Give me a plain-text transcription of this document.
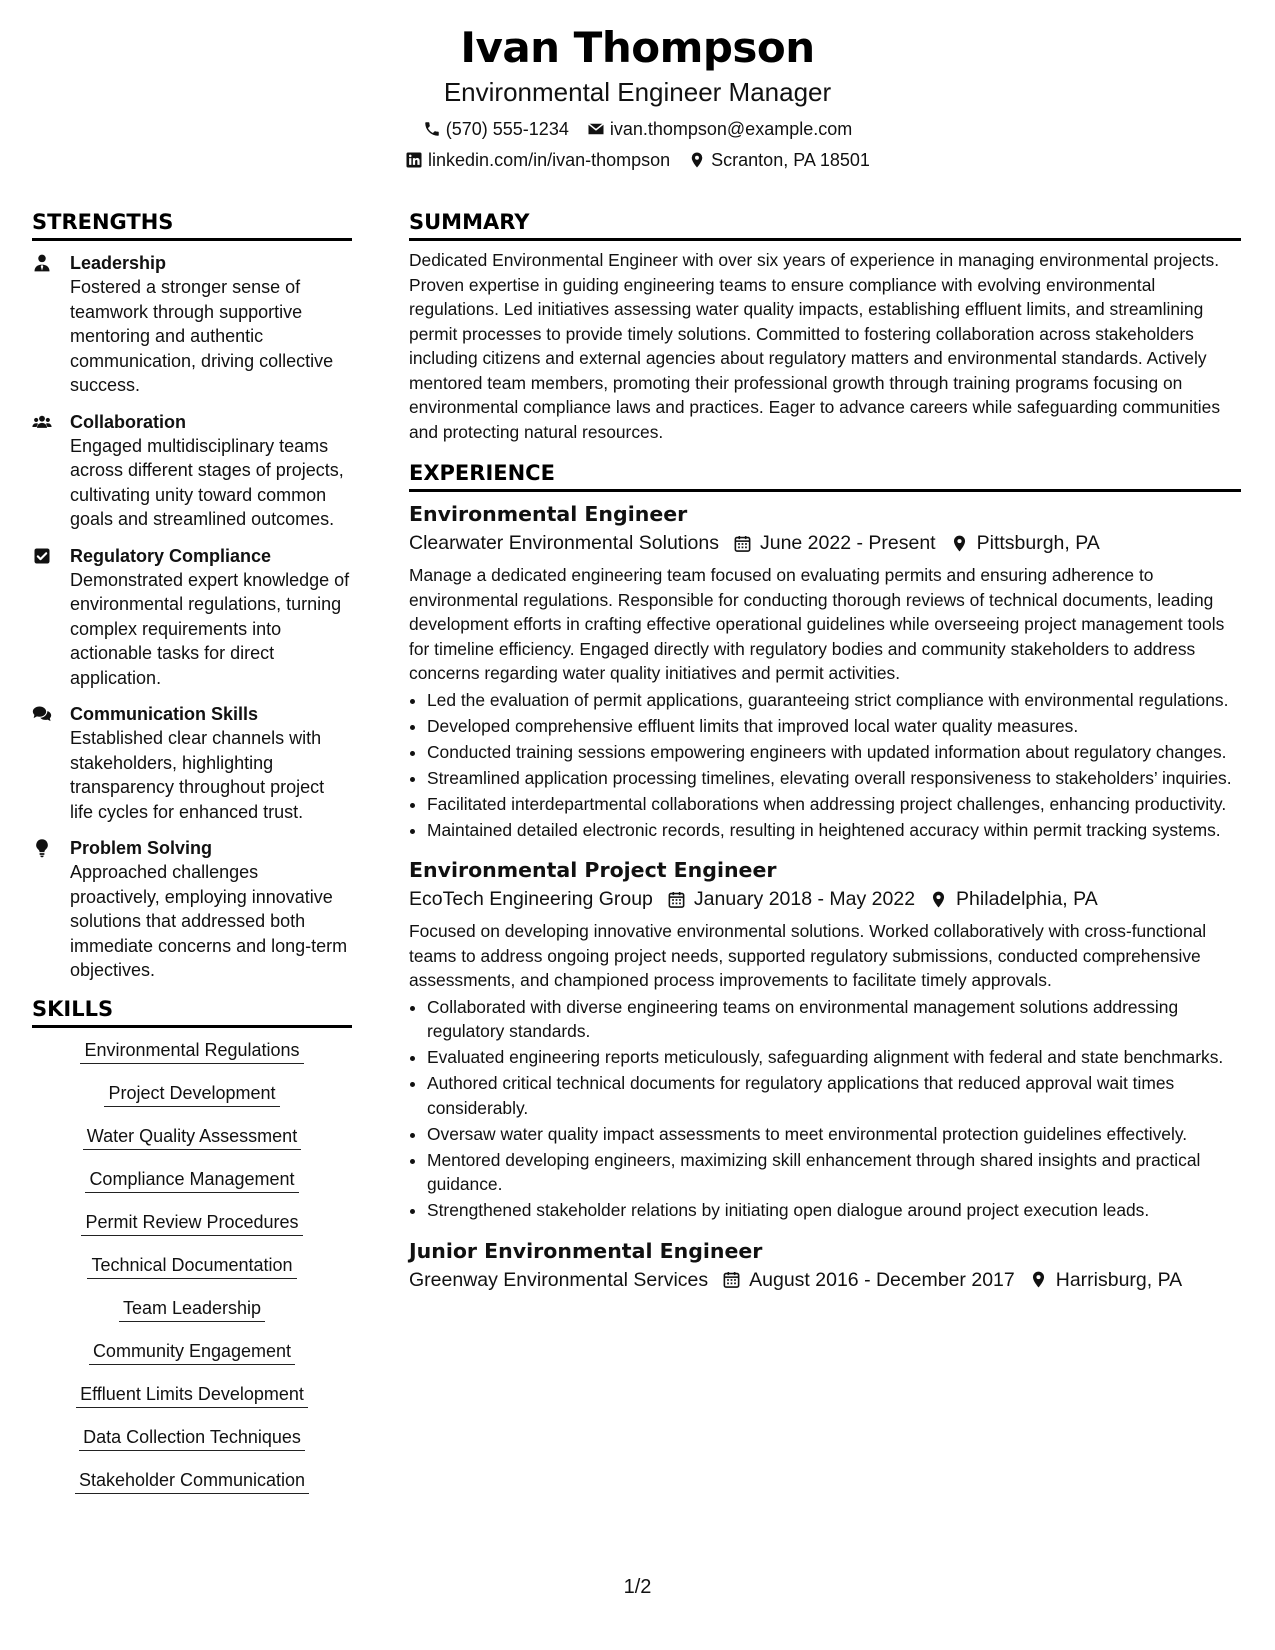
Ivan Thompson
Environmental Engineer Manager
(570) 555-1234 ivan.thompson@example.com
linkedin.com/in/ivan-thompson Scranton, PA 18501
STRENGTHS
Leadership
Fostered a stronger sense of teamwork through supportive mentoring and authentic communication, driving collective success.
Collaboration
Engaged multidisciplinary teams across different stages of projects, cultivating unity toward common goals and streamlined outcomes.
Regulatory Compliance
Demonstrated expert knowledge of environmental regulations, turning complex requirements into actionable tasks for direct application.
Communication Skills
Established clear channels with stakeholders, highlighting transparency throughout project life cycles for enhanced trust.
Problem Solving
Approached challenges proactively, employing innovative solutions that addressed both immediate concerns and long-term objectives.
SKILLS
Environmental Regulations
Project Development
Water Quality Assessment
Compliance Management
Permit Review Procedures
Technical Documentation
Team Leadership
Community Engagement
Effluent Limits Development
Data Collection Techniques
Stakeholder Communication
SUMMARY
Dedicated Environmental Engineer with over six years of experience in managing environmental projects. Proven expertise in guiding engineering teams to ensure compliance with evolving environmental regulations. Led initiatives assessing water quality impacts, establishing effluent limits, and streamlining permit processes to provide timely solutions. Committed to fostering collaboration across stakeholders including citizens and external agencies about regulatory matters and environmental standards. Actively mentored team members, promoting their professional growth through training programs focusing on environmental compliance laws and practices. Eager to advance careers while safeguarding communities and protecting natural resources.
EXPERIENCE
Environmental Engineer
Clearwater Environmental Solutions June 2022 - Present Pittsburgh, PA
Manage a dedicated engineering team focused on evaluating permits and ensuring adherence to environmental regulations. Responsible for conducting thorough reviews of technical documents, leading development efforts in crafting effective operational guidelines while overseeing project management tools for timeline efficiency. Engaged directly with regulatory bodies and community stakeholders to address concerns regarding water quality initiatives and permit activities.
• Led the evaluation of permit applications, guaranteeing strict compliance with environmental regulations.
• Developed comprehensive effluent limits that improved local water quality measures.
• Conducted training sessions empowering engineers with updated information about regulatory changes.
• Streamlined application processing timelines, elevating overall responsiveness to stakeholders’ inquiries.
• Facilitated interdepartmental collaborations when addressing project challenges, enhancing productivity.
• Maintained detailed electronic records, resulting in heightened accuracy within permit tracking systems.
Environmental Project Engineer
EcoTech Engineering Group January 2018 - May 2022 Philadelphia, PA
Focused on developing innovative environmental solutions. Worked collaboratively with cross-functional teams to address ongoing project needs, supported regulatory submissions, conducted comprehensive assessments, and championed process improvements to facilitate timely approvals.
• Collaborated with diverse engineering teams on environmental management solutions addressing regulatory standards.
• Evaluated engineering reports meticulously, safeguarding alignment with federal and state benchmarks.
• Authored critical technical documents for regulatory applications that reduced approval wait times considerably.
• Oversaw water quality impact assessments to meet environmental protection guidelines effectively.
• Mentored developing engineers, maximizing skill enhancement through shared insights and practical guidance.
• Strengthened stakeholder relations by initiating open dialogue around project execution leads.
Junior Environmental Engineer
Greenway Environmental Services August 2016 - December 2017 Harrisburg, PA
1/2
